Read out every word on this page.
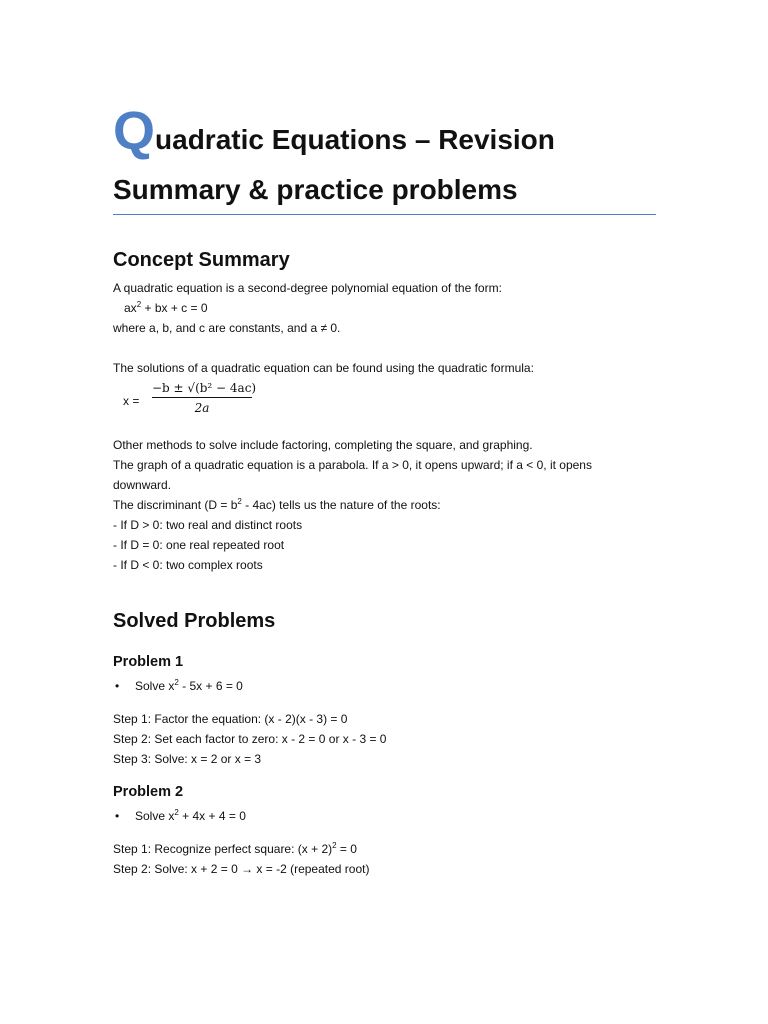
Quadratic Equations – Revision
Summary & practice problems
Concept Summary
A quadratic equation is a second-degree polynomial equation of the form:
$ax^2$ + bx + c = 0
where a, b, and c are constants, and a ≠ 0.
The solutions of a quadratic equation can be found using the quadratic formula:
x =
−b ± √(b² − 4ac)
2a
Other methods to solve include factoring, completing the square, and graphing.
The graph of a quadratic equation is a parabola. If a > 0, it opens upward; if a < 0, it opens
downward.
The discriminant $(D = b^2 - 4ac)$ tells us the nature of the roots:
- If D > 0: two real and distinct roots
- If D = 0: one real repeated root
- If D < 0: two complex roots
Solved Problems
Problem 1
• Solve $x^2 - 5x + 6 = 0$
Step 1: Factor the equation: (x - 2)(x - 3) = 0
Step 2: Set each factor to zero: x - 2 = 0 or x - 3 = 0
Step 3: Solve: x = 2 or x = 3
Problem 2
• Solve $x^2 + 4x + 4 = 0$
Step 1: Recognize perfect square: $(x + 2)^2 = 0$
Step 2: Solve: x + 2 = 0 → x = -2 (repeated root)
